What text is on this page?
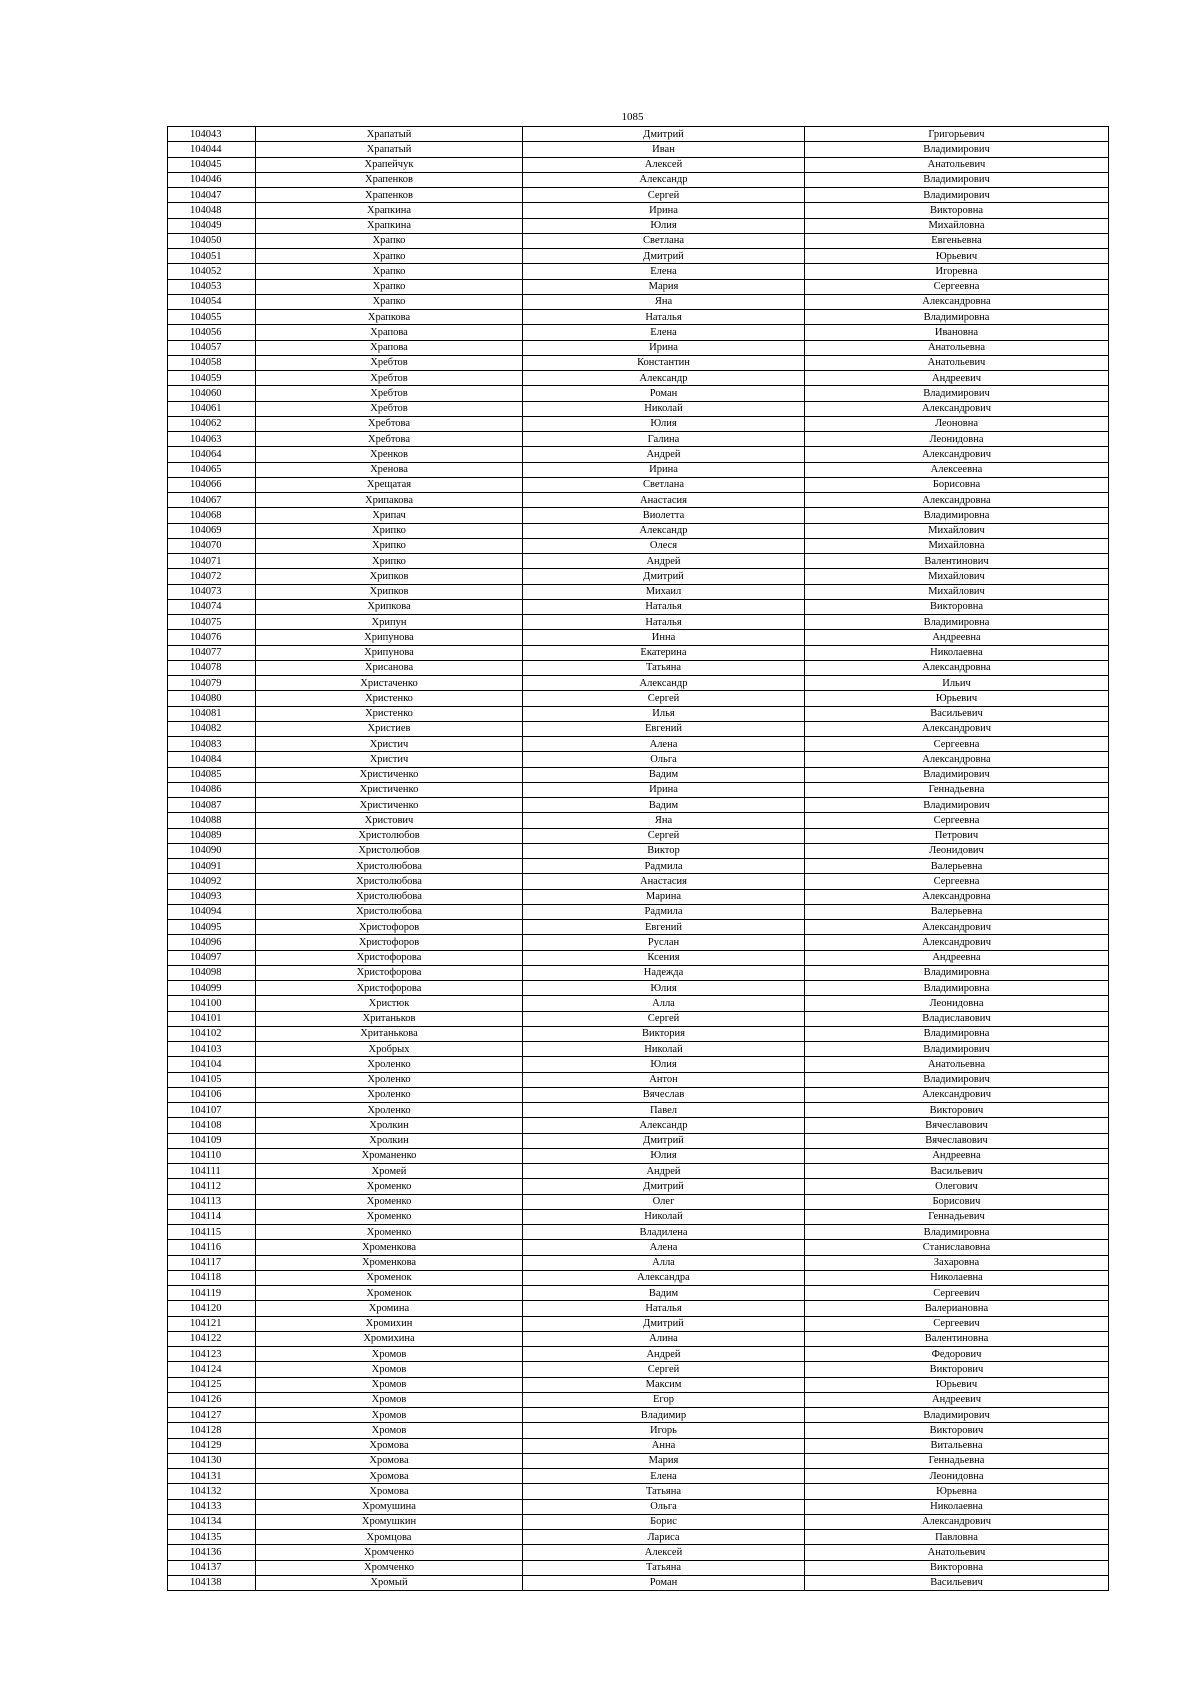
1085
104043	Храпатый	Дмитрий	Григорьевич
104044	Храпатый	Иван	Владимирович
104045	Храпейчук	Алексей	Анатольевич
104046	Храпенков	Александр	Владимирович
104047	Храпенков	Сергей	Владимирович
104048	Храпкина	Ирина	Викторовна
104049	Храпкина	Юлия	Михайловна
104050	Храпко	Светлана	Евгеньевна
104051	Храпко	Дмитрий	Юрьевич
104052	Храпко	Елена	Игоревна
104053	Храпко	Мария	Сергеевна
104054	Храпко	Яна	Александровна
104055	Храпкова	Наталья	Владимировна
104056	Храпова	Елена	Ивановна
104057	Храпова	Ирина	Анатольевна
104058	Хребтов	Константин	Анатольевич
104059	Хребтов	Александр	Андреевич
104060	Хребтов	Роман	Владимирович
104061	Хребтов	Николай	Александрович
104062	Хребтова	Юлия	Леоновна
104063	Хребтова	Галина	Леонидовна
104064	Хренков	Андрей	Александрович
104065	Хренова	Ирина	Алексеевна
104066	Хрещатая	Светлана	Борисовна
104067	Хрипакова	Анастасия	Александровна
104068	Хрипач	Виолетта	Владимировна
104069	Хрипко	Александр	Михайлович
104070	Хрипко	Олеся	Михайловна
104071	Хрипко	Андрей	Валентинович
104072	Хрипков	Дмитрий	Михайлович
104073	Хрипков	Михаил	Михайлович
104074	Хрипкова	Наталья	Викторовна
104075	Хрипун	Наталья	Владимировна
104076	Хрипунова	Инна	Андреевна
104077	Хрипунова	Екатерина	Николаевна
104078	Хрисанова	Татьяна	Александровна
104079	Христаченко	Александр	Ильич
104080	Христенко	Сергей	Юрьевич
104081	Христенко	Илья	Васильевич
104082	Христиев	Евгений	Александрович
104083	Христич	Алена	Сергеевна
104084	Христич	Ольга	Александровна
104085	Христиченко	Вадим	Владимирович
104086	Христиченко	Ирина	Геннадьевна
104087	Христиченко	Вадим	Владимирович
104088	Христович	Яна	Сергеевна
104089	Христолюбов	Сергей	Петрович
104090	Христолюбов	Виктор	Леонидович
104091	Христолюбова	Радмила	Валерьевна
104092	Христолюбова	Анастасия	Сергеевна
104093	Христолюбова	Марина	Александровна
104094	Христолюбова	Радмила	Валерьевна
104095	Христофоров	Евгений	Александрович
104096	Христофоров	Руслан	Александрович
104097	Христофорова	Ксения	Андреевна
104098	Христофорова	Надежда	Владимировна
104099	Христофорова	Юлия	Владимировна
104100	Христюк	Алла	Леонидовна
104101	Хританьков	Сергей	Владиславович
104102	Хританькова	Виктория	Владимировна
104103	Хробрых	Николай	Владимирович
104104	Хроленко	Юлия	Анатольевна
104105	Хроленко	Антон	Владимирович
104106	Хроленко	Вячеслав	Александрович
104107	Хроленко	Павел	Викторович
104108	Хролкин	Александр	Вячеславович
104109	Хролкин	Дмитрий	Вячеславович
104110	Хроманенко	Юлия	Андреевна
104111	Хромей	Андрей	Васильевич
104112	Хроменко	Дмитрий	Олегович
104113	Хроменко	Олег	Борисович
104114	Хроменко	Николай	Геннадьевич
104115	Хроменко	Владилена	Владимировна
104116	Хроменкова	Алена	Станиславовна
104117	Хроменкова	Алла	Захаровна
104118	Хроменок	Александра	Николаевна
104119	Хроменок	Вадим	Сергеевич
104120	Хромина	Наталья	Валериановна
104121	Хромихин	Дмитрий	Сергеевич
104122	Хромихина	Алина	Валентиновна
104123	Хромов	Андрей	Федорович
104124	Хромов	Сергей	Викторович
104125	Хромов	Максим	Юрьевич
104126	Хромов	Егор	Андреевич
104127	Хромов	Владимир	Владимирович
104128	Хромов	Игорь	Викторович
104129	Хромова	Анна	Витальевна
104130	Хромова	Мария	Геннадьевна
104131	Хромова	Елена	Леонидовна
104132	Хромова	Татьяна	Юрьевна
104133	Хромушина	Ольга	Николаевна
104134	Хромушкин	Борис	Александрович
104135	Хромцова	Лариса	Павловна
104136	Хромченко	Алексей	Анатольевич
104137	Хромченко	Татьяна	Викторовна
104138	Хромый	Роман	Васильевич
